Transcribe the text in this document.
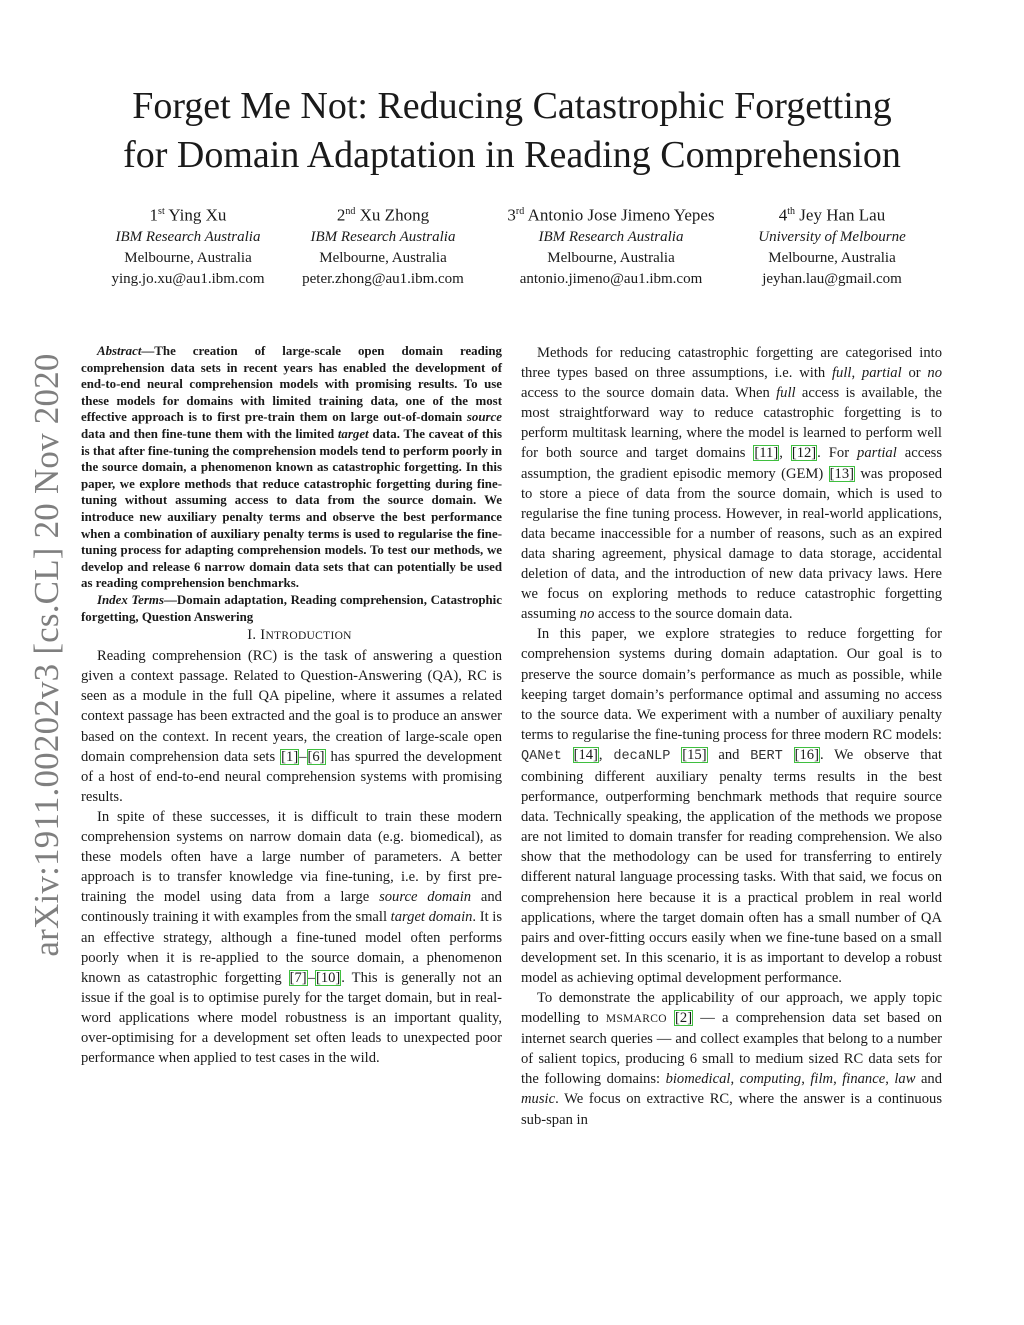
arXiv:1911.00202v3 [cs.CL] 20 Nov 2020
Forget Me Not: Reducing Catastrophic Forgetting
for Domain Adaptation in Reading Comprehension
1st Ying Xu
IBM Research Australia
Melbourne, Australia
ying.jo.xu@au1.ibm.com
2nd Xu Zhong
IBM Research Australia
Melbourne, Australia
peter.zhong@au1.ibm.com
3rd Antonio Jose Jimeno Yepes
IBM Research Australia
Melbourne, Australia
antonio.jimeno@au1.ibm.com
4th Jey Han Lau
University of Melbourne
Melbourne, Australia
jeyhan.lau@gmail.com

Abstract—The creation of large-scale open domain reading comprehension data sets in recent years has enabled the development of end-to-end neural comprehension models with promising results. To use these models for domains with limited training data, one of the most effective approach is to first pre-train them on large out-of-domain source data and then fine-tune them with the limited target data. The caveat of this is that after fine-tuning the comprehension models tend to perform poorly in the source domain, a phenomenon known as catastrophic forgetting. In this paper, we explore methods that reduce catastrophic forgetting during fine-tuning without assuming access to data from the source domain. We introduce new auxiliary penalty terms and observe the best performance when a combination of auxiliary penalty terms is used to regularise the fine-tuning process for adapting comprehension models. To test our methods, we develop and release 6 narrow domain data sets that can potentially be used as reading comprehension benchmarks.

Index Terms—Domain adaptation, Reading comprehension, Catastrophic forgetting, Question Answering

I. INTRODUCTION

Reading comprehension (RC) is the task of answering a question given a context passage. Related to Question-Answering (QA), RC is seen as a module in the full QA pipeline, where it assumes a related context passage has been extracted and the goal is to produce an answer based on the context. In recent years, the creation of large-scale open domain comprehension data sets [1]–[6] has spurred the development of a host of end-to-end neural comprehension systems with promising results.

In spite of these successes, it is difficult to train these modern comprehension systems on narrow domain data (e.g. biomedical), as these models often have a large number of parameters. A better approach is to transfer knowledge via fine-tuning, i.e. by first pre-training the model using data from a large source domain and continously training it with examples from the small target domain. It is an effective strategy, although a fine-tuned model often performs poorly when it is re-applied to the source domain, a phenomenon known as catastrophic forgetting [7]–[10]. This is generally not an issue if the goal is to optimise purely for the target domain, but in real-word applications where model robustness is an important quality, over-optimising for a development set often leads to unexpected poor performance when applied to test cases in the wild.

Methods for reducing catastrophic forgetting are categorised into three types based on three assumptions, i.e. with full, partial or no access to the source domain data. When full access is available, the most straightforward way to reduce catastrophic forgetting is to perform multitask learning, where the model is learned to perform well for both source and target domains [11], [12]. For partial access assumption, the gradient episodic memory (GEM) [13] was proposed to store a piece of data from the source domain, which is used to regularise the fine tuning process. However, in real-world applications, data became inaccessible for a number of reasons, such as an expired data sharing agreement, physical damage to data storage, accidental deletion of data, and the introduction of new data privacy laws. Here we focus on exploring methods to reduce catastrophic forgetting assuming no access to the source domain data.

In this paper, we explore strategies to reduce forgetting for comprehension systems during domain adaptation. Our goal is to preserve the source domain’s performance as much as possible, while keeping target domain’s performance optimal and assuming no access to the source data. We experiment with a number of auxiliary penalty terms to regularise the fine-tuning process for three modern RC models: QANet [14], decaNLP [15] and BERT [16]. We observe that combining different auxiliary penalty terms results in the best performance, outperforming benchmark methods that require source data. Technically speaking, the application of the methods we propose are not limited to domain transfer for reading comprehension. We also show that the methodology can be used for transferring to entirely different natural language processing tasks. With that said, we focus on comprehension here because it is a practical problem in real world applications, where the target domain often has a small number of QA pairs and over-fitting occurs easily when we fine-tune based on a small development set. In this scenario, it is as important to develop a robust model as achieving optimal development performance.

To demonstrate the applicability of our approach, we apply topic modelling to MSMARCO [2] — a comprehension data set based on internet search queries — and collect examples that belong to a number of salient topics, producing 6 small to medium sized RC data sets for the following domains: biomedical, computing, film, finance, law and music. We focus on extractive RC, where the answer is a continuous sub-span in
